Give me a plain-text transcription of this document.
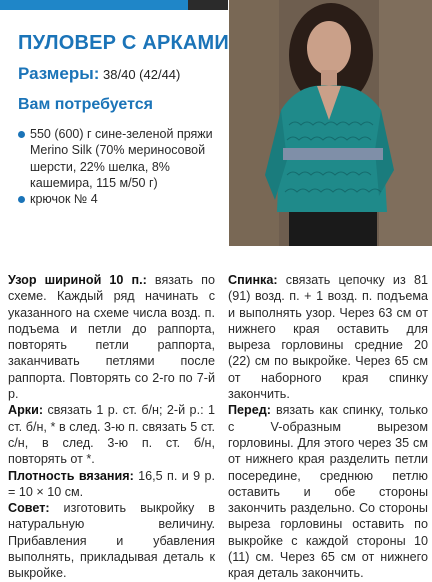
ПУЛОВЕР С АРКАМИ
Размеры: 38/40 (42/44)
Вам потребуется
550 (600) г сине-зеленой пряжи Merino Silk (70% мериносовой шерсти, 22% шелка, 8% кашемира, 115 м/50 г)
крючок № 4

Узор шириной 10 п.: вязать по схеме. Каждый ряд начинать с указанного на схеме числа возд. п. подъема и петли до раппорта, повторять петли раппорта, заканчивать петлями после раппорта. Повторять со 2-го по 7-й р.

Арки: связать 1 р. ст. б/н; 2-й р.: 1 ст. б/н, * в след. 3-ю п. связать 5 ст. с/н, в след. 3-ю п. ст. б/н, повторять от *.

Плотность вязания: 16,5 п. и 9 р. = 10 × 10 см.

Совет: изготовить выкройку в натуральную величину. Прибавления и убавления выполнять, прикладывая деталь к выкройке.

Спинка: связать цепочку из 81 (91) возд. п. + 1 возд. п. подъема и выполнять узор. Через 63 см от нижнего края оставить для выреза горловины средние 20 (22) см по выкройке. Через 65 см от наборного края спинку закончить.

Перед: вязать как спинку, только с V-образным вырезом горловины. Для этого через 35 см от нижнего края разделить петли посередине, среднюю петлю оставить и обе стороны закончить раздельно. Со стороны выреза горловины оставить по выкройке с каждой стороны 10 (11) см. Через 65 см от нижнего края деталь закончить.
